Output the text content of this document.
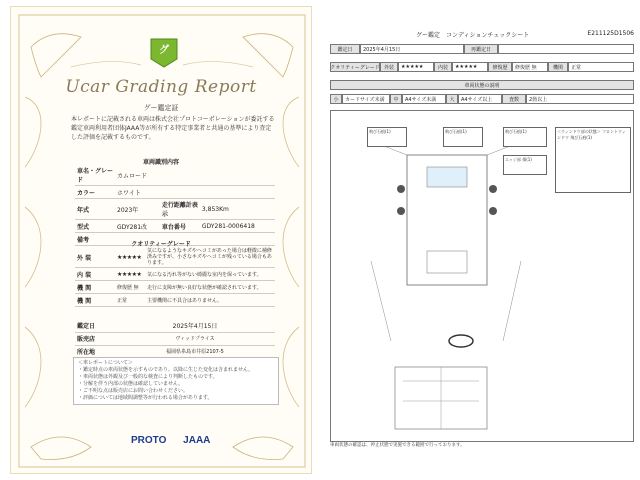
グ
Ucar Grading Report
グー鑑定証
本レポートに記載される車両は株式会社プロトコーポレーションが委託する鑑定車両利用者団体JAAA等が所有する特定事業者と共通の基準により査定した評価を記載するものです。
車両識別内容
車名・グレード	カムロード		
カラー	ホワイト		
年式	2023年	走行距離計表示	3,853Km
型式	GDY281改	車台番号	GDY281-0006418
備考			
クオリティーグレード
外 装	★★★★★	気になるようなキズやヘコミがあった場合は軽微に補修済みですが、小さなキズやヘコミが残っている場合もあります。
内 装	★★★★★	気になる汚れ等がない綺麗な室内を保っています。
機 関	修復歴 無	走行に支障が無い良好な状態が確認されています。
機 関	正常	主要機関に不具合はありません。
鑑定日	2025年4月15日
販売店	ヴィッドプライス
所在地	福岡県糸島市井原2107-5
＜車レポートについて＞
・鑑定時点の車両状態を示すものであり、以降に生じた変化は含まれません。
・車両状態は外観及び一般的な検査により判断したものです。
・分解を伴う内部の状態は確認していません。
・ご不明な点は販売店にお問い合わせください。
・評価については地域間調整等が行われる場合があります。
PROTO JAAA
グー鑑定　コンディションチェックシート	E211125D1506
鑑定日	2025年4月15日	再鑑定日
クオリティーグレード 外装	★★★★★	内装	★★★★★	修復歴	修復歴 無	機関	正常
車両状態の説明
小	カードサイズ未満	中	A4サイズ未満	大	A4サイズ以上	査数	2箇以上
飛び石痕(1)	飛び石痕(1)
エッジ部 傷(1)
飛び石痕(1)	＜ウィンドウ部の状態＞ フロントウィンドウ 飛び石痕(1)
車両状態の確認は、停止状態で実施できる範囲で行っております。
